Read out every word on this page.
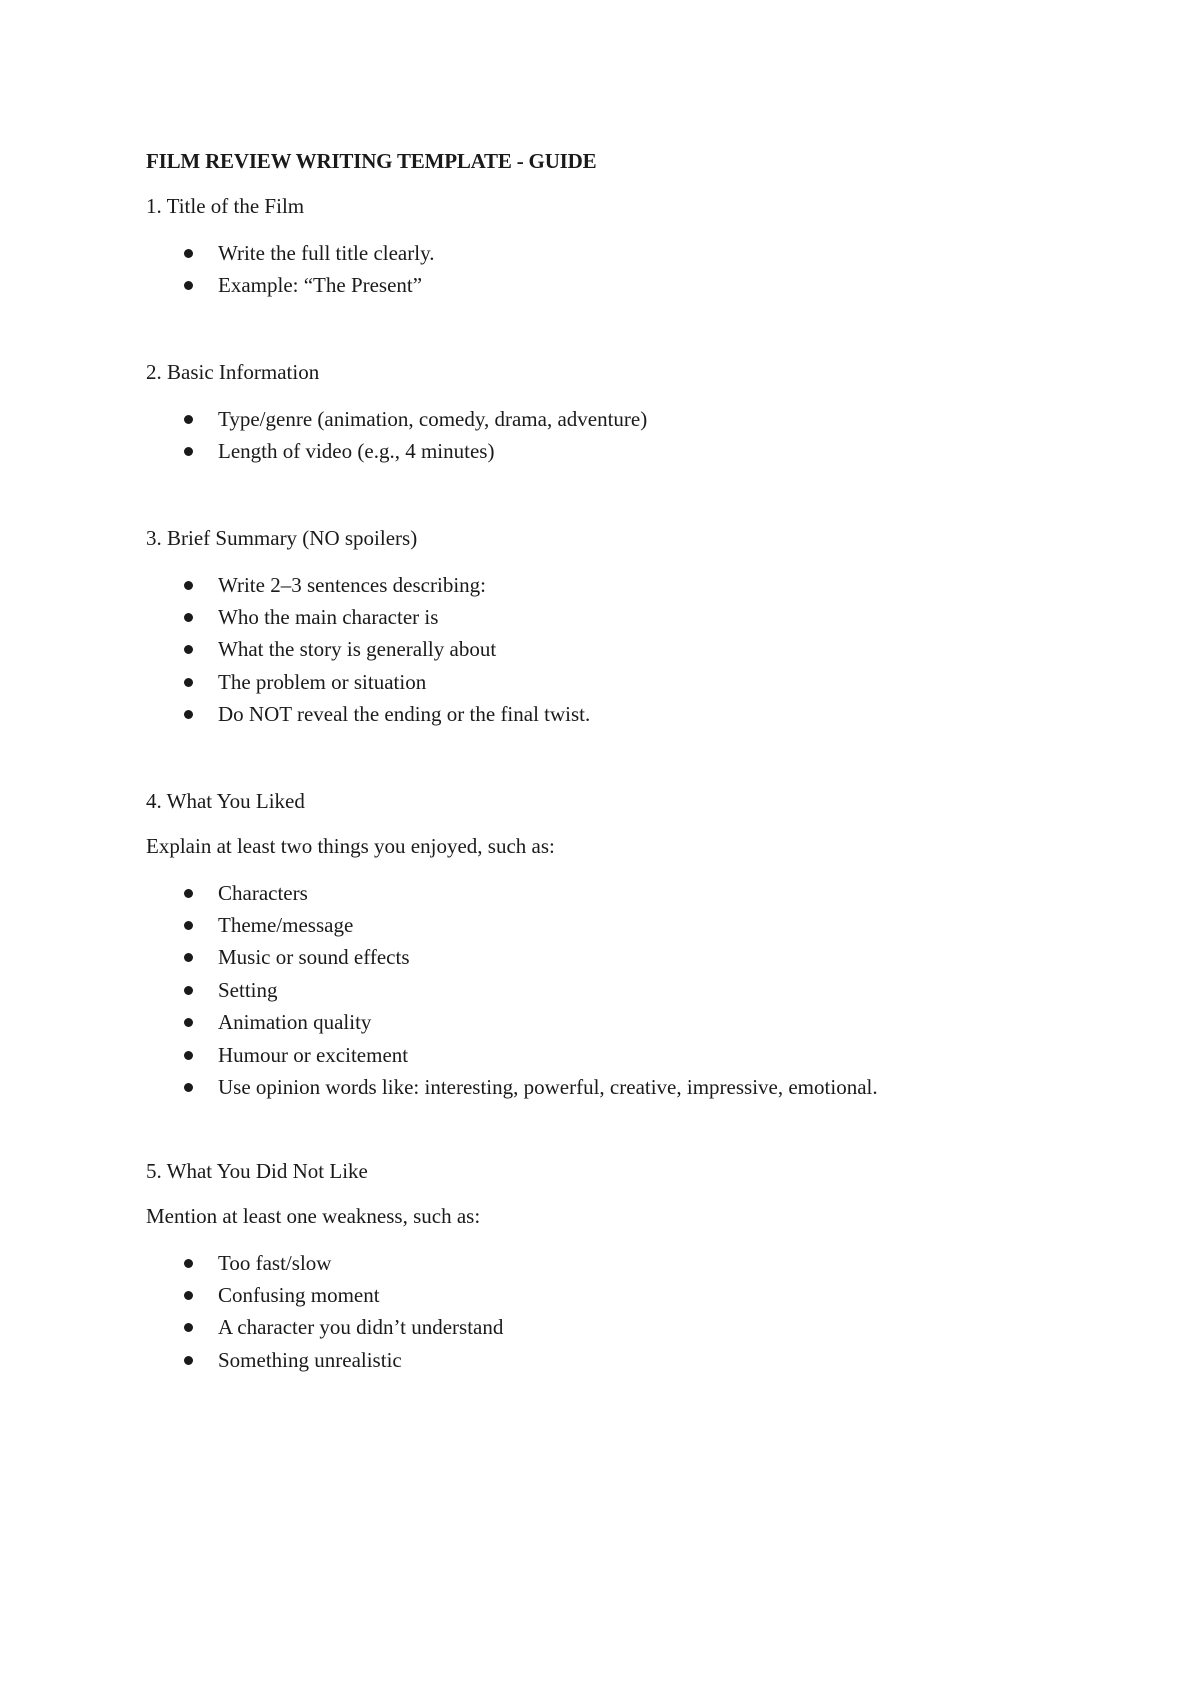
FILM REVIEW WRITING TEMPLATE - GUIDE

1. Title of the Film

Write the full title clearly.
Example: “The Present”

2. Basic Information

Type/genre (animation, comedy, drama, adventure)
Length of video (e.g., 4 minutes)

3. Brief Summary (NO spoilers)

Write 2–3 sentences describing:
Who the main character is
What the story is generally about
The problem or situation
Do NOT reveal the ending or the final twist.

4. What You Liked

Explain at least two things you enjoyed, such as:

Characters
Theme/message
Music or sound effects
Setting
Animation quality
Humour or excitement
Use opinion words like: interesting, powerful, creative, impressive, emotional.

5. What You Did Not Like

Mention at least one weakness, such as:

Too fast/slow
Confusing moment
A character you didn’t understand
Something unrealistic
